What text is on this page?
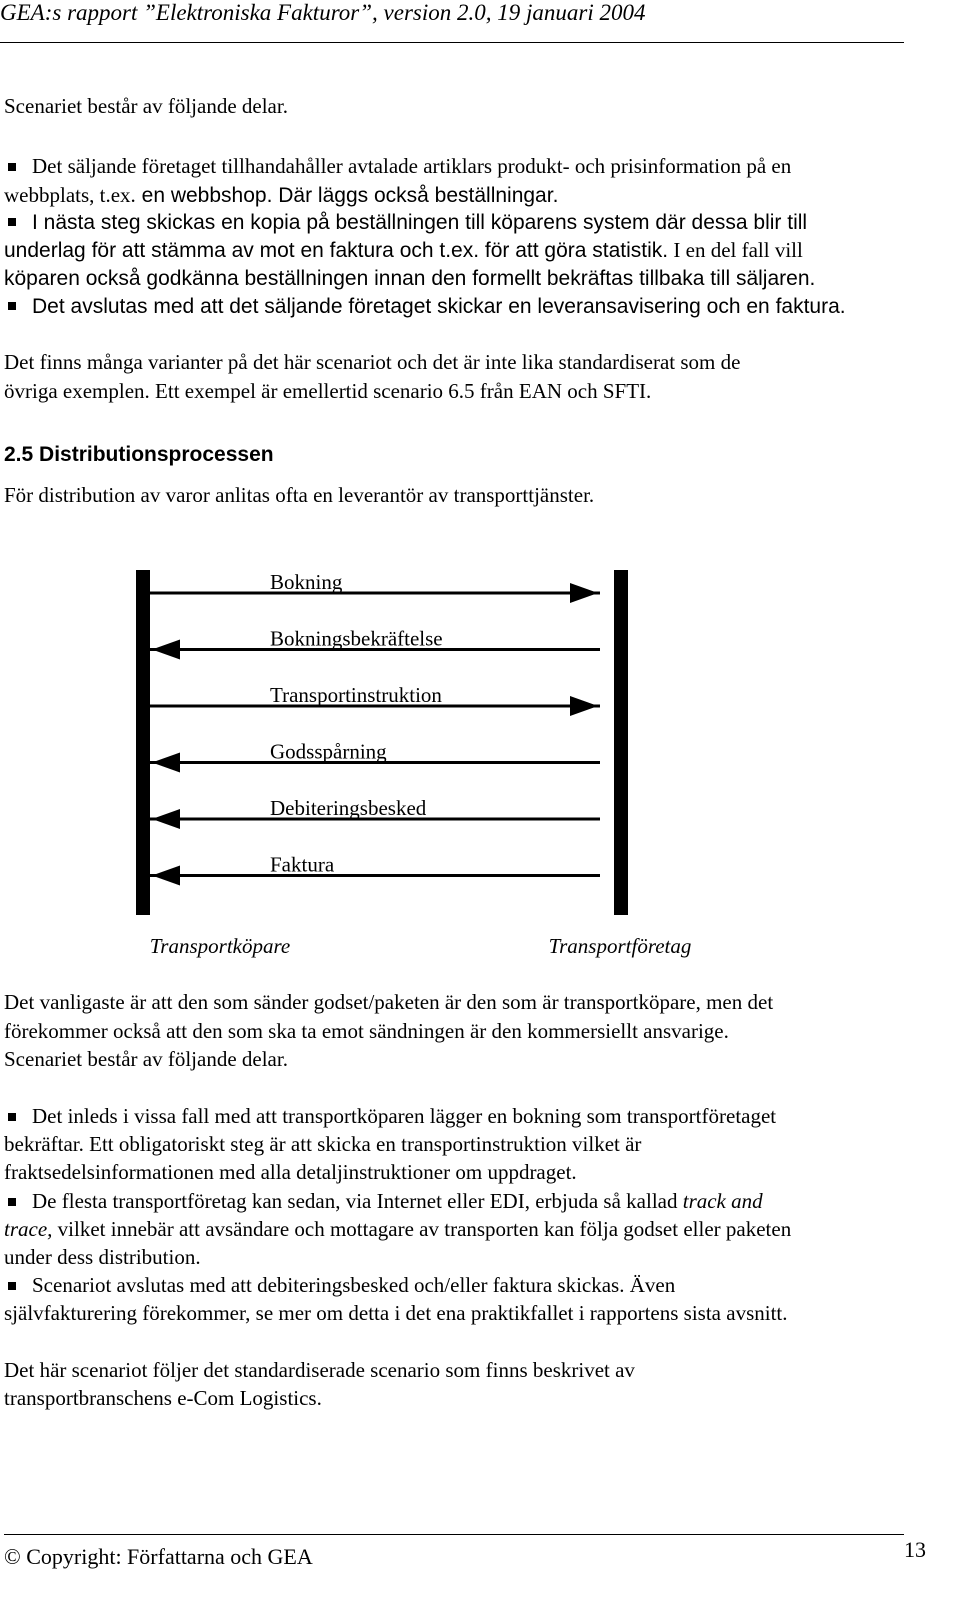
GEA:s rapport ”Elektroniska Fakturor”, version 2.0, 19 januari 2004
Scenariet består av följande delar.
Det säljande företaget tillhandahåller avtalade artiklars produkt- och prisinformation på en
webbplats, t.ex. en webbshop. Där läggs också beställningar.
I nästa steg skickas en kopia på beställningen till köparens system där dessa blir till
underlag för att stämma av mot en faktura och t.ex. för att göra statistik. I en del fall vill
köparen också godkänna beställningen innan den formellt bekräftas tillbaka till säljaren.
Det avslutas med att det säljande företaget skickar en leveransavisering och en faktura.
Det finns många varianter på det här scenariot och det är inte lika standardiserat som de
övriga exemplen. Ett exempel är emellertid scenario 6.5 från EAN och SFTI.
2.5 Distributionsprocessen
För distribution av varor anlitas ofta en leverantör av transporttjänster.
Bokning
Bokningsbekräftelse
Transportinstruktion
Godsspårning
Debiteringsbesked
Faktura
Transportköpare	Transportföretag
Det vanligaste är att den som sänder godset/paketen är den som är transportköpare, men det
förekommer också att den som ska ta emot sändningen är den kommersiellt ansvarige.
Scenariet består av följande delar.
Det inleds i vissa fall med att transportköparen lägger en bokning som transportföretaget
bekräftar. Ett obligatoriskt steg är att skicka en transportinstruktion vilket är
fraktsedelsinformationen med alla detaljinstruktioner om uppdraget.
De flesta transportföretag kan sedan, via Internet eller EDI, erbjuda så kallad track and
trace, vilket innebär att avsändare och mottagare av transporten kan följa godset eller paketen
under dess distribution.
Scenariot avslutas med att debiteringsbesked och/eller faktura skickas. Även
självfakturering förekommer, se mer om detta i det ena praktikfallet i rapportens sista avsnitt.
Det här scenariot följer det standardiserade scenario som finns beskrivet av
transportbranschens e-Com Logistics.
© Copyright: Författarna och GEA	13
